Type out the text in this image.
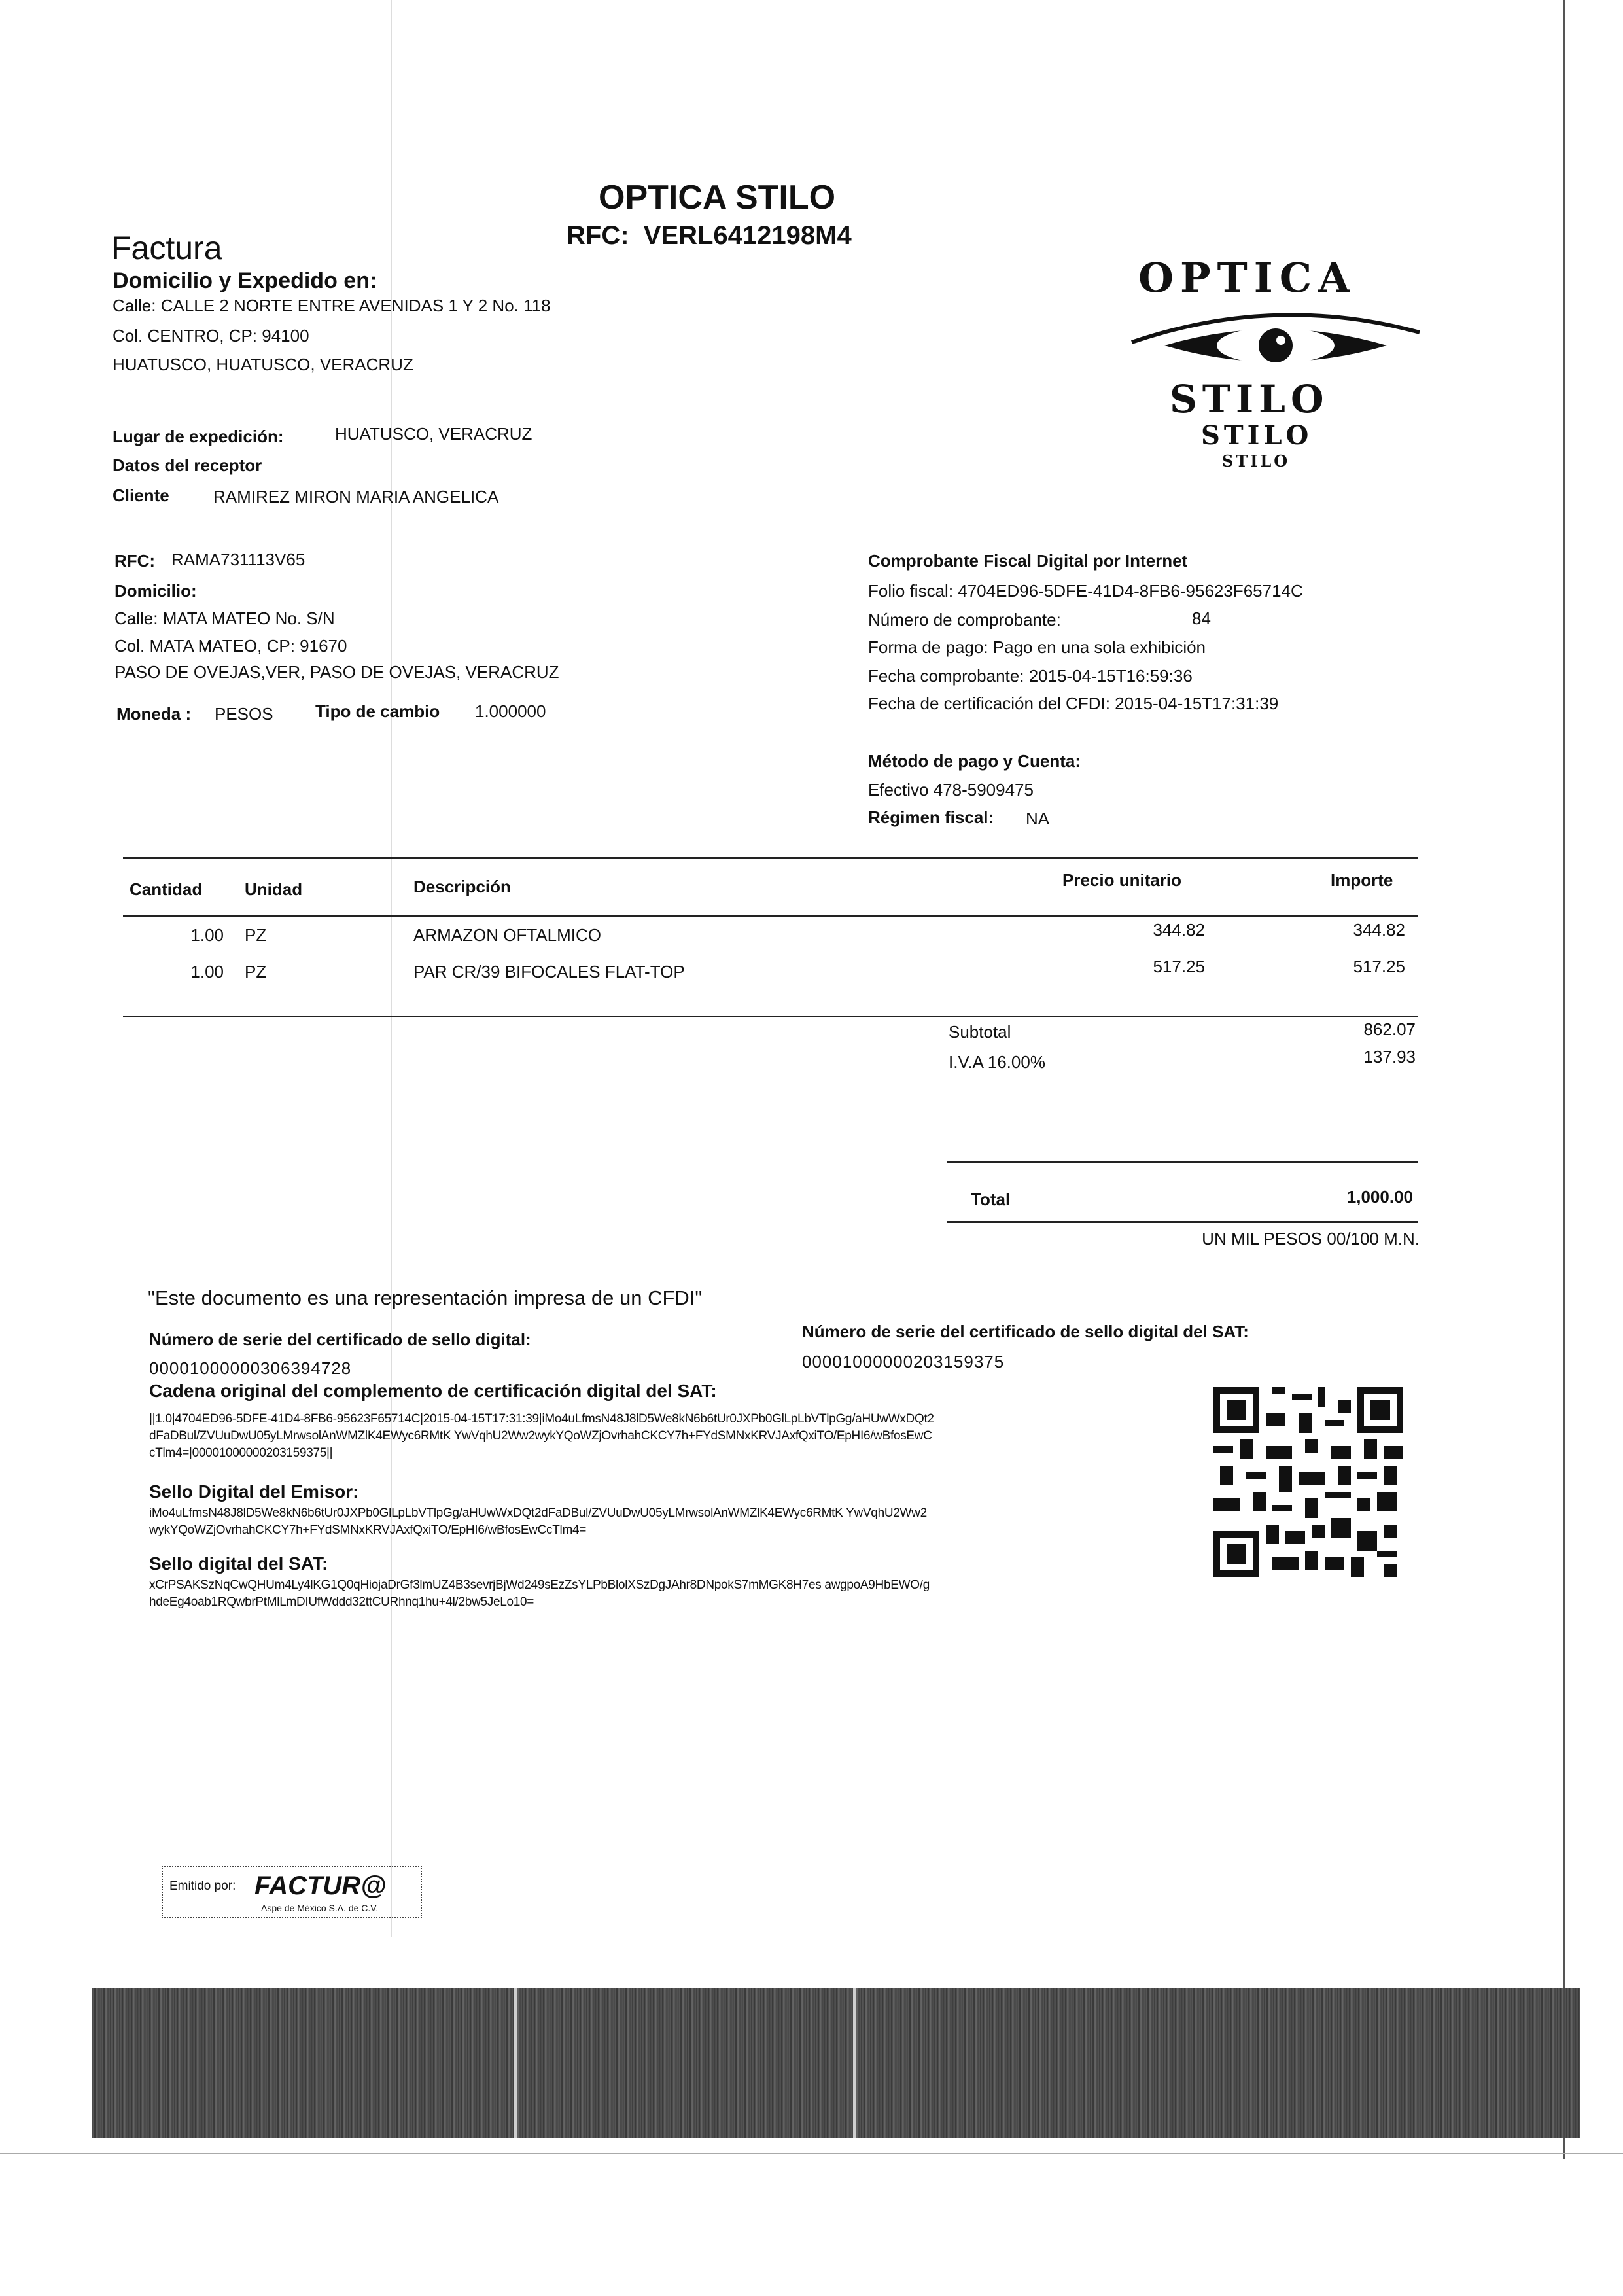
OPTICA STILO
RFC:  VERL6412198M4
Factura
Domicilio y Expedido en:
Calle: CALLE 2 NORTE ENTRE AVENIDAS 1 Y 2 No. 118
Col. CENTRO, CP: 94100
HUATUSCO, HUATUSCO, VERACRUZ
OPTICA
STILO
STILO
STILO
Lugar de expedición:	HUATUSCO, VERACRUZ
Datos del receptor
Cliente	RAMIREZ MIRON MARIA ANGELICA
RFC: RAMA731113V65
Domicilio:
Calle: MATA MATEO No. S/N
Col. MATA MATEO, CP: 91670
PASO DE OVEJAS,VER, PASO DE OVEJAS, VERACRUZ
Moneda : PESOS Tipo de cambio 1.000000
Comprobante Fiscal Digital por Internet
Folio fiscal: 4704ED96-5DFE-41D4-8FB6-95623F65714C
Número de comprobante:	84
Forma de pago: Pago en una sola exhibición
Fecha comprobante: 2015-04-15T16:59:36
Fecha de certificación del CFDI: 2015-04-15T17:31:39
Método de pago y Cuenta:
Efectivo 478-5909475
Régimen fiscal: NA
Cantidad Unidad	Descripción	Precio unitario	Importe
1.00 PZ	ARMAZON OFTALMICO	344.82	344.82
1.00 PZ	PAR CR/39 BIFOCALES FLAT-TOP	517.25	517.25
Subtotal	862.07
I.V.A 16.00%	137.93
Total	1,000.00
UN MIL PESOS 00/100 M.N.
"Este documento es una representación impresa de un CFDI"
Número de serie del certificado de sello digital:
00001000000306394728
Número de serie del certificado de sello digital del SAT:
00001000000203159375
Cadena original del complemento de certificación digital del SAT:
||1.0|4704ED96-5DFE-41D4-8FB6-95623F65714C|2015-04-15T17:31:39|iMo4uLfmsN48J8lD5We8kN6b6tUr0JXPb0GlLpLbVTlpGg/aHUwWxDQt2dFaDBul/ZVUuDwU05yLMrwsolAnWMZlK4EWyc6RMtK YwVqhU2Ww2wykYQoWZjOvrhahCKCY7h+FYdSMNxKRVJAxfQxiTO/EpHI6/wBfosEwCcTlm4=|00001000000203159375||
Sello Digital del Emisor:
iMo4uLfmsN48J8lD5We8kN6b6tUr0JXPb0GlLpLbVTlpGg/aHUwWxDQt2dFaDBul/ZVUuDwU05yLMrwsolAnWMZlK4EWyc6RMtK YwVqhU2Ww2wykYQoWZjOvrhahCKCY7h+FYdSMNxKRVJAxfQxiTO/EpHI6/wBfosEwCcTlm4=
Sello digital del SAT:
xCrPSAKSzNqCwQHUm4Ly4lKG1Q0qHiojaDrGf3lmUZ4B3sevrjBjWd249sEzZsYLPbBlolXSzDgJAhr8DNpokS7mMGK8H7es awgpoA9HbEWO/ghdeEg4oab1RQwbrPtMlLmDIUfWddd32ttCURhnq1hu+4l/2bw5JeLo10=
Emitido por: FACTUR@
Aspe de México S.A. de C.V.
